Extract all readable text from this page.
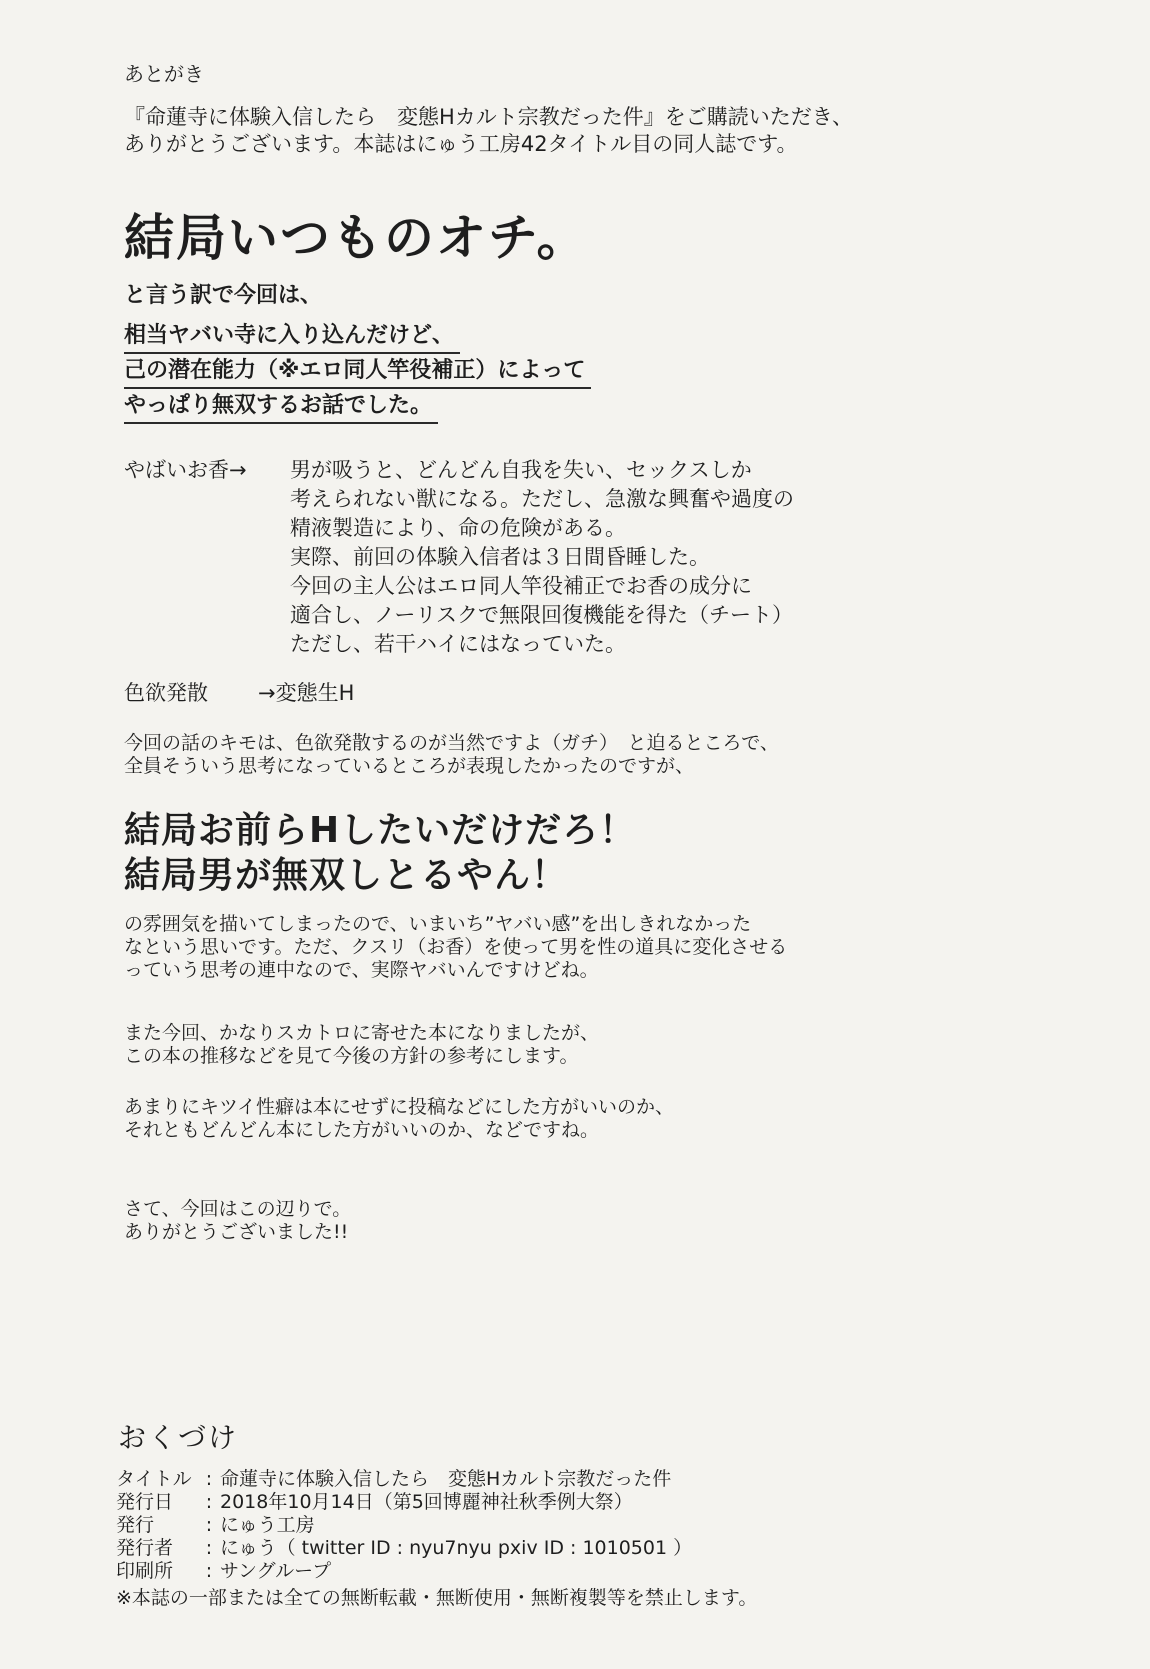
あとがき
『命蓮寺に体験入信したら　変態Hカルト宗教だった件』をご購読いただき、
ありがとうございます。本誌はにゅう工房42タイトル目の同人誌です。
結局いつものオチ。
と言う訳で今回は、
相当ヤバい寺に入り込んだけど、
己の潜在能力（※エロ同人竿役補正）によって
やっぱり無双するお話でした。
やばいお香→ 男が吸うと、どんどん自我を失い、セックスしか
考えられない獣になる。ただし、急激な興奮や過度の
精液製造により、命の危険がある。
実際、前回の体験入信者は３日間昏睡した。
今回の主人公はエロ同人竿役補正でお香の成分に
適合し、ノーリスクで無限回復機能を得た（チート）
ただし、若干ハイにはなっていた。
色欲発散 →変態生H
今回の話のキモは、色欲発散するのが当然ですよ（ガチ）　と迫るところで、
全員そういう思考になっているところが表現したかったのですが、
結局お前らHしたいだけだろ！
結局男が無双しとるやん！
の雰囲気を描いてしまったので、いまいち”ヤバい感”を出しきれなかった
なという思いです。ただ、クスリ（お香）を使って男を性の道具に変化させる
っていう思考の連中なので、実際ヤバいんですけどね。
また今回、かなりスカトロに寄せた本になりましたが、
この本の推移などを見て今後の方針の参考にします。
あまりにキツイ性癖は本にせずに投稿などにした方がいいのか、
それともどんどん本にした方がいいのか、などですね。
さて、今回はこの辺りで。
ありがとうございました!!
おくづけ
タイトル : 命蓮寺に体験入信したら　変態Hカルト宗教だった件
発行日	: 2018年10月14日（第5回博麗神社秋季例大祭）
発行	: にゅう工房
発行者	: にゅう（ twitter ID : nyu7nyu pxiv ID : 1010501 ）
印刷所	: サングループ
※本誌の一部または全ての無断転載・無断使用・無断複製等を禁止します。
